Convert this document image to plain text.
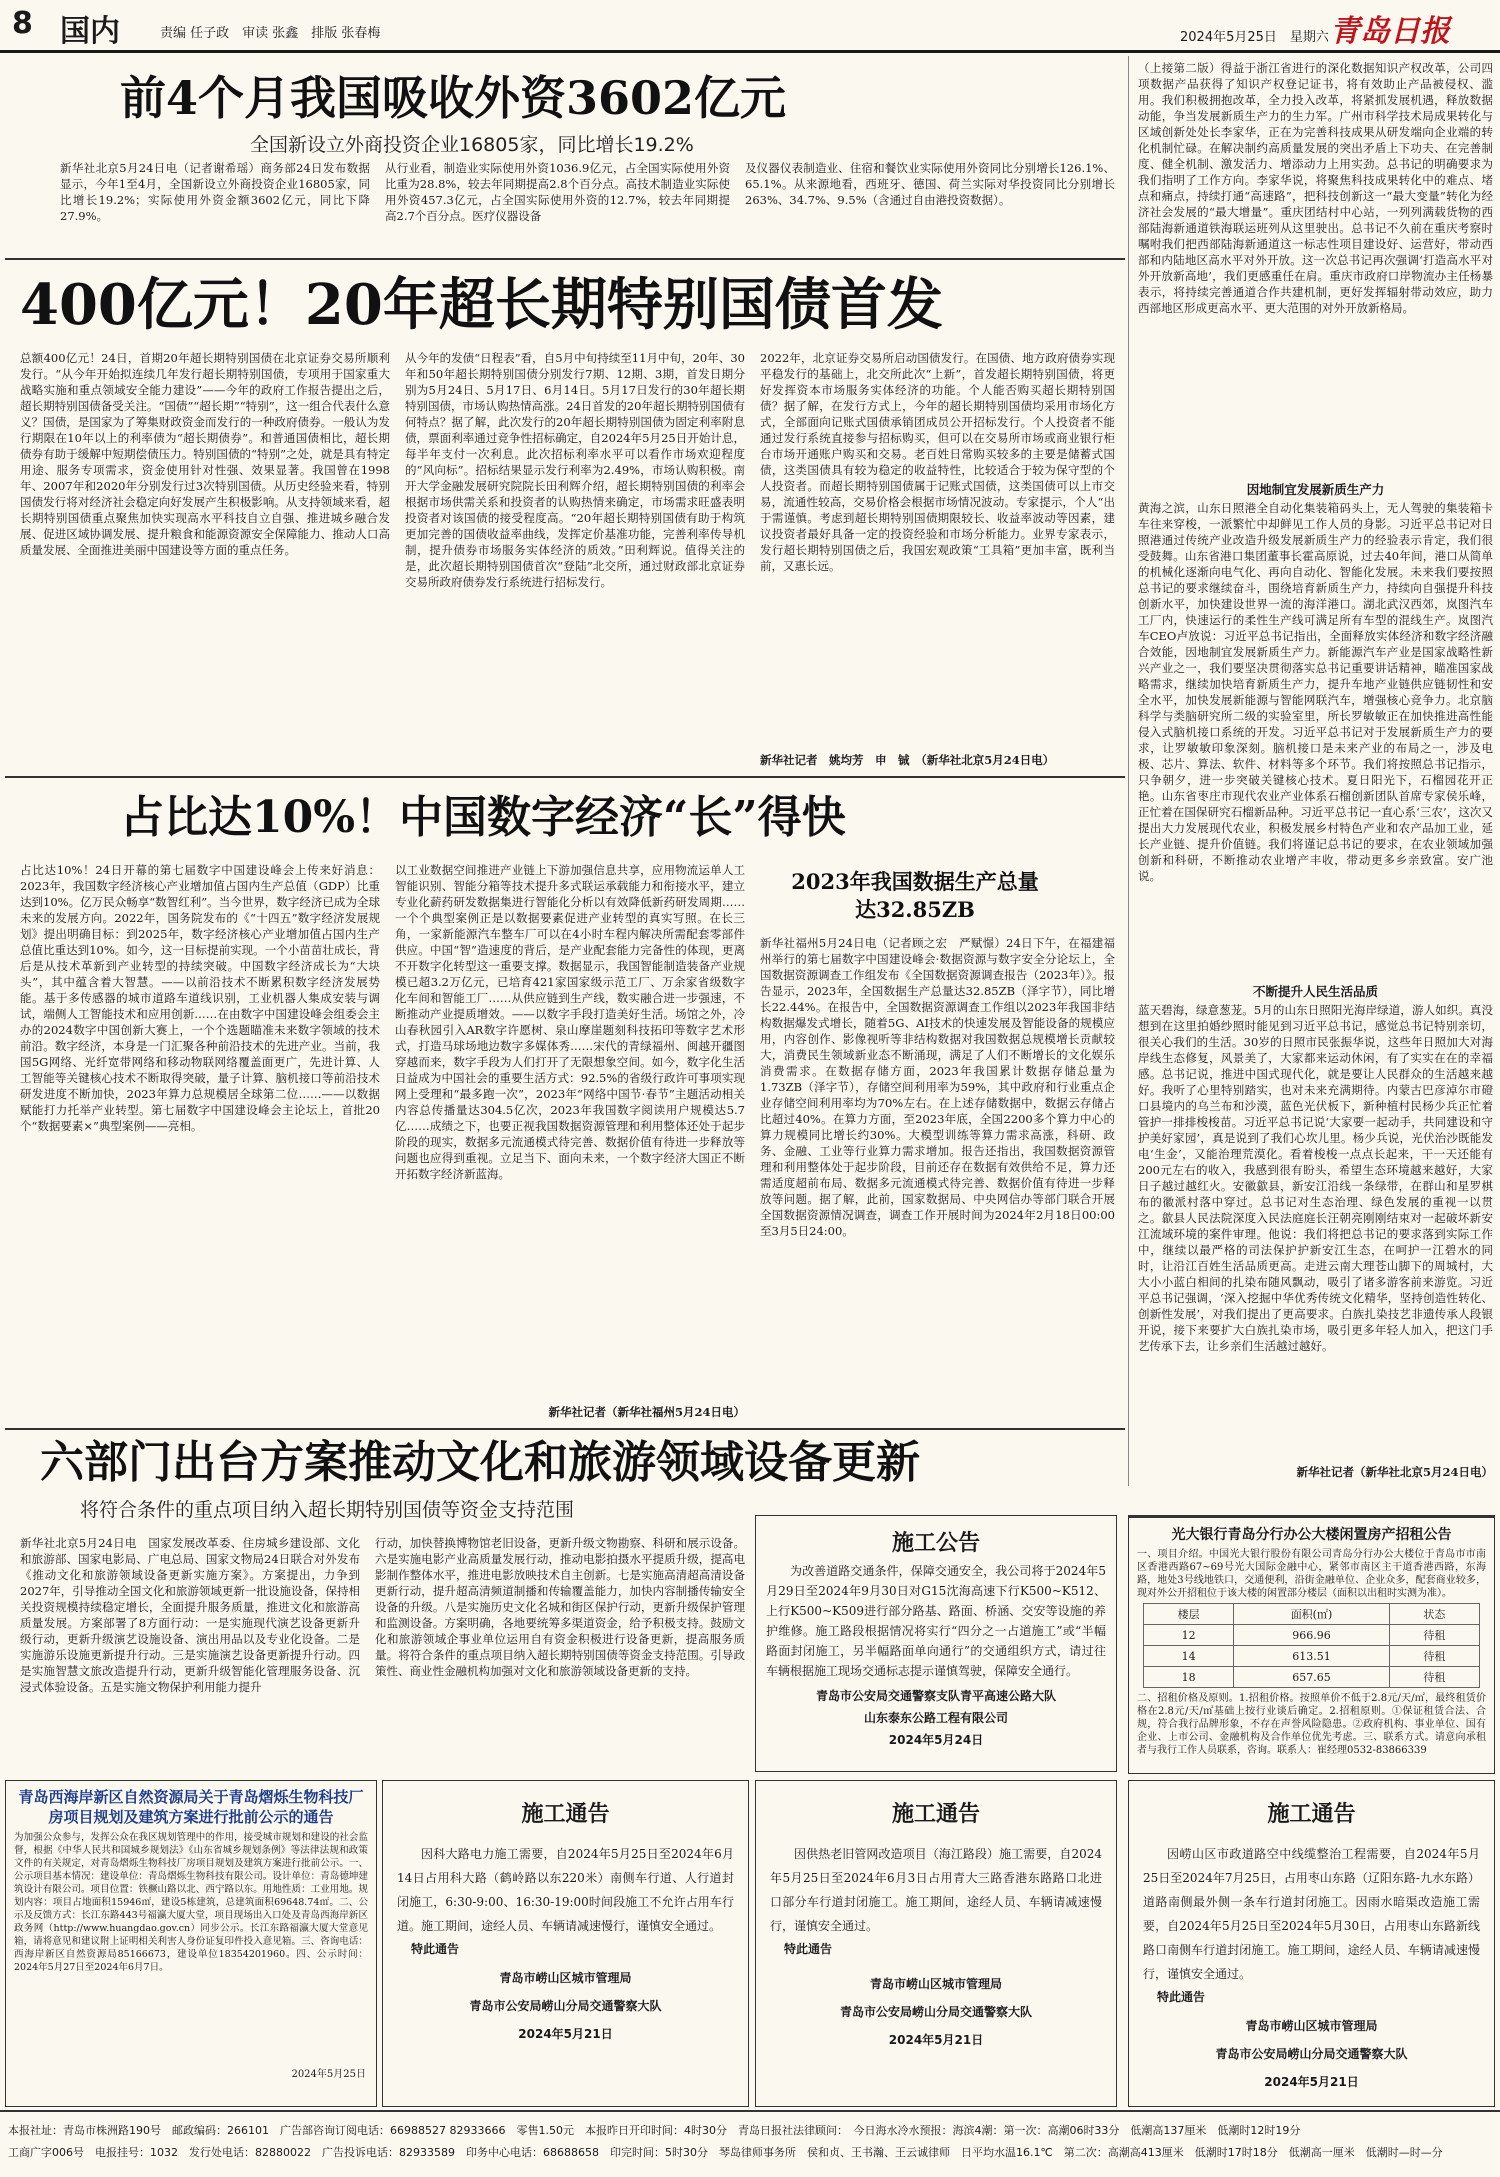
8 国内	责编 任子政　审读 张鑫　排版 张春梅	2024年5月25日　星期六 青岛日报
前4个月我国吸收外资3602亿元
全国新设立外商投资企业16805家，同比增长19.2%
新华社北京5月24日电（记者谢希瑶）商务部24日发布数据显示，今年1至4月，全国新设立外商投资企业16805家，同比增长19.2%；实际使用外资金额3602亿元，同比下降27.9%。
从行业看，制造业实际使用外资1036.9亿元，占全国实际使用外资比重为28.8%，较去年同期提高2.8个百分点。高技术制造业实际使用外资457.3亿元，占全国实际使用外资的12.7%，较去年同期提高2.7个百分点。医疗仪器设备
及仪器仪表制造业、住宿和餐饮业实际使用外资同比分别增长126.1%、65.1%。从来源地看，西班牙、德国、荷兰实际对华投资同比分别增长263%、34.7%、9.5%（含通过自由港投资数据）。
400亿元！20年超长期特别国债首发
总额400亿元！24日，首期20年超长期特别国债在北京证券交易所顺利发行。“从今年开始拟连续几年发行超长期特别国债，专项用于国家重大战略实施和重点领域安全能力建设”——今年的政府工作报告提出之后，超长期特别国债备受关注。“国债”“超长期”“特别”，这一组合代表什么意义？国债，是国家为了筹集财政资金而发行的一种政府债券。一般认为发行期限在10年以上的利率债为“超长期债券”。和普通国债相比，超长期债券有助于缓解中短期偿债压力。特别国债的“特别”之处，就是具有特定用途、服务专项需求，资金使用针对性强、效果显著。我国曾在1998年、2007年和2020年分别发行过3次特别国债。从历史经验来看，特别国债发行将对经济社会稳定向好发展产生积极影响。从支持领域来看，超长期特别国债重点聚焦加快实现高水平科技自立自强、推进城乡融合发展、促进区域协调发展、提升粮食和能源资源安全保障能力、推动人口高质量发展、全面推进美丽中国建设等方面的重点任务。
从今年的发债“日程表”看，自5月中旬持续至11月中旬，20年、30年和50年超长期特别国债分别发行7期、12期、3期，首发日期分别为5月24日、5月17日、6月14日。5月17日发行的30年超长期特别国债，市场认购热情高涨。24日首发的20年超长期特别国债有何特点？据了解，此次发行的20年超长期特别国债为固定利率附息债，票面利率通过竞争性招标确定，自2024年5月25日开始计息，每半年支付一次利息。此次招标利率水平可以看作市场欢迎程度的“风向标”。招标结果显示发行利率为2.49%，市场认购积极。南开大学金融发展研究院院长田利辉介绍，超长期特别国债的利率会根据市场供需关系和投资者的认购热情来确定，市场需求旺盛表明投资者对该国债的接受程度高。“20年超长期特别国债有助于构筑更加完善的国债收益率曲线，发挥定价基准功能，完善利率传导机制，提升债券市场服务实体经济的质效。”田利辉说。值得关注的是，此次超长期特别国债首次“登陆”北交所，通过财政部北京证券交易所政府债券发行系统进行招标发行。
2022年，北京证券交易所启动国债发行。在国债、地方政府债券实现平稳发行的基础上，北交所此次“上新”，首发超长期特别国债，将更好发挥资本市场服务实体经济的功能。个人能否购买超长期特别国债？据了解，在发行方式上，今年的超长期特别国债均采用市场化方式，全部面向记账式国债承销团成员公开招标发行。个人投资者不能通过发行系统直接参与招标购买，但可以在交易所市场或商业银行柜台市场开通账户购买和交易。老百姓日常购买较多的主要是储蓄式国债，这类国债具有较为稳定的收益特性，比较适合于较为保守型的个人投资者。而超长期特别国债属于记账式国债，这类国债可以上市交易，流通性较高，交易价格会根据市场情况波动。专家提示，个人“出于需谨慎。考虑到超长期特别国债期限较长、收益率波动等因素，建议投资者最好具备一定的投资经验和市场分析能力。业界专家表示，发行超长期特别国债之后，我国宏观政策“工具箱”更加丰富，既利当前，又惠长远。
新华社记者　姚均芳　申　铖　（新华社北京5月24日电）
占比达10%！中国数字经济“长”得快
占比达10%！24日开幕的第七届数字中国建设峰会上传来好消息：2023年，我国数字经济核心产业增加值占国内生产总值（GDP）比重达到10%。亿万民众畅享“数智红利”。当今世界，数字经济已成为全球未来的发展方向。2022年，国务院发布的《“十四五”数字经济发展规划》提出明确目标：到2025年，数字经济核心产业增加值占国内生产总值比重达到10%。如今，这一目标提前实现。一个小苗苗壮成长，背后是从技术革新到产业转型的持续突破。中国数字经济成长为“大块头”，其中蕴含着大智慧。——以前沿技术不断累积数字经济发展势能。基于多传感器的城市道路车道线识别，工业机器人集成安装与调试，端侧人工智能技术和应用创新……在由数字中国建设峰会组委会主办的2024数字中国创新大赛上，一个个选题瞄准未来数字领域的技术前沿。数字经济，本身是一门汇聚各种前沿技术的先进产业。当前，我国5G网络、光纤宽带网络和移动物联网络覆盖面更广，先进计算、人工智能等关键核心技术不断取得突破，量子计算、脑机接口等前沿技术研发进度不断加快，2023年算力总规模居全球第二位……——以数据赋能打力托举产业转型。第七届数字中国建设峰会主论坛上，首批20个“数据要素×”典型案例——亮相。
以工业数据空间推进产业链上下游加强信息共享，应用物流运单人工智能识别、智能分箱等技术提升多式联运承载能力和衔接水平，建立专业化薪药研发数据集进行智能化分析以有效降低新药研发周期……一个个典型案例正是以数据要素促进产业转型的真实写照。在长三角，一家新能源汽车整车厂可以在4小时车程内解决所需配套零部件供应。中国“智”造速度的背后，是产业配套能力完备性的体现，更离不开数字化转型这一重要支撑。数据显示，我国智能制造装备产业规模已超3.2万亿元，已培育421家国家级示范工厂、万余家省级数字化车间和智能工厂……从供应链到生产线，数实融合进一步强速，不断推动产业提质增效。——以数字手段打造美好生活。场馆之外，冷山春秋园引入AR数字许愿树、泉山摩崖题刻科技拓印等数字艺术形式，打造马球场地边数字多媒体秀……宋代的青绿福州、闽越开疆图穿越而来，数字手段为人们打开了无限想象空间。如今，数字化生活日益成为中国社会的重要生活方式：92.5%的省级行政许可事项实现网上受理和“最多跑一次”，2023年“网络中国节·春节”主题活动相关内容总传播量达304.5亿次，2023年我国数字阅读用户规模达5.7亿……成绩之下，也要正视我国数据资源管理和利用整体还处于起步阶段的现实，数据多元流通模式待完善、数据价值有待进一步释放等问题也应得到重视。立足当下、面向未来，一个数字经济大国正不断开拓数字经济新蓝海。
新华社记者（新华社福州5月24日电）
2023年我国数据生产总量达32.85ZB
新华社福州5月24日电（记者顾之宏　严赋憬）24日下午，在福建福州举行的第七届数字中国建设峰会·数据资源与数字安全分论坛上，全国数据资源调查工作组发布《全国数据资源调查报告（2023年）》。报告显示，2023年，全国数据生产总量达32.85ZB（泽字节），同比增长22.44%。在报告中，全国数据资源调查工作组以2023年我国非结构数据爆发式增长，随着5G、AI技术的快速发展及智能设备的规模应用，内容创作、影像视听等非结构数据对我国数据总规模增长贡献较大，消费民生领域新业态不断涌现，满足了人们不断增长的文化娱乐消费需求。在数据存储方面，2023年我国累计数据存储总量为1.73ZB（泽字节），存储空间利用率为59%，其中政府和行业重点企业存储空间利用率均为70%左右。在上述存储数据中，数据云存储占比超过40%。在算力方面，至2023年底，全国2200多个算力中心的算力规模同比增长约30%。大模型训练等算力需求高涨，科研、政务、金融、工业等行业算力需求增加。报告还指出，我国数据资源管理和利用整体处于起步阶段，目前还存在数据有效供给不足，算力还需适度超前布局、数据多元流通模式待完善、数据价值有待进一步释放等问题。据了解，此前，国家数据局、中央网信办等部门联合开展全国数据资源情况调查，调查工作开展时间为2024年2月18日00:00至3月5日24:00。
（上接第二版）得益于浙江省进行的深化数据知识产权改革，公司四项数据产品获得了知识产权登记证书，将有效助止产品被侵权、滥用。我们积极拥抱改革，全力投入改革，将紧抓发展机遇，释放数据动能，争当发展新质生产力的生力军。广州市科学技术局成果转化与区域创新处处长李家华，正在为完善科技成果从研发端向企业端的转化机制忙碌。在解决制约高质量发展的突出矛盾上下功夫、在完善制度、健全机制、激发活力、增添动力上用实劲。总书记的明确要求为我们指明了工作方向。李家华说，将聚焦科技成果转化中的难点、堵点和痛点，持续打通“高速路”，把科技创新这一“最大变量”转化为经济社会发展的“最大增量”。重庆团结村中心站，一列列满载货物的西部陆海新通道铁海联运班列从这里驶出。总书记不久前在重庆考察时嘱咐我们把西部陆海新通道这一标志性项目建设好、运营好，带动西部和内陆地区高水平对外开放。这一次总书记再次强调‘打造高水平对外开放新高地’，我们更感重任在肩。重庆市政府口岸物流办主任杨暴表示，将持续完善通道合作共建机制，更好发挥辐射带动效应，助力西部地区形成更高水平、更大范围的对外开放新格局。
因地制宜发展新质生产力
黄海之滨，山东日照港全自动化集装箱码头上，无人驾驶的集装箱卡车往来穿梭，一派繁忙中却鲜见工作人员的身影。习近平总书记对日照港通过传统产业改造升级发展新质生产力的经验表示肯定，我们很受鼓舞。山东省港口集团董事长霍高原说，过去40年间，港口从简单的机械化逐渐向电气化、再向自动化、智能化发展。未来我们要按照总书记的要求继续奋斗，围绕培育新质生产力，持续向自强提升科技创新水平，加快建设世界一流的海洋港口。湖北武汉西郊，岚图汽车工厂内，快速运行的柔性生产线可满足所有车型的混线生产。岚图汽车CEO卢放说：习近平总书记指出，全面释放实体经济和数字经济融合效能，因地制宜发展新质生产力。新能源汽车产业是国家战略性新兴产业之一，我们要坚决贯彻落实总书记重要讲话精神，瞄准国家战略需求，继续加快培育新质生产力，提升车地产业链供应链韧性和安全水平，加快发展新能源与智能网联汽车，增强核心竞争力。北京脑科学与类脑研究所二级的实验室里，所长罗敏敏正在加快推进高性能侵入式脑机接口系统的开发。习近平总书记对于发展新质生产力的要求，让罗敏敏印象深刻。脑机接口是未来产业的布局之一，涉及电极、芯片、算法、软件、材料等多个环节。我们将按照总书记指示，只争朝夕，进一步突破关键核心技术。夏日阳光下，石榴园花开正艳。山东省枣庄市现代农业产业体系石榴创新团队首席专家侯乐峰，正忙着在国保研究石榴新品种。习近平总书记一直心系‘三农’，这次又提出大力发展现代农业，积极发展乡村特色产业和农产品加工业，延长产业链、提升价值链。我们将谨记总书记的要求，在农业领域加强创新和科研，不断推动农业增产丰收，带动更多乡亲致富。安广池说。
不断提升人民生活品质
蓝天碧海，绿意葱茏。5月的山东日照阳光海岸绿道，游人如织。真没想到在这里拍婚纱照时能见到习近平总书记，感觉总书记特别亲切，很关心我们的生活。30岁的日照市民张振华说，这些年日照加大对海岸线生态修复，风景美了，大家都来运动休闲，有了实实在在的幸福感。总书记说，推进中国式现代化，就是要让人民群众的生活越来越好。我听了心里特别踏实，也对未来充满期待。内蒙古巴彦淖尔市磴口县境内的乌兰布和沙漠，蓝色光伏板下，新种植村民杨少兵正忙着管护一排排梭梭苗。习近平总书记说‘大家要一起动手，共同建设和守护美好家园’，真是说到了我们心坎儿里。杨少兵说，光伏治沙既能发电‘生金’，又能治理荒漠化。看着梭梭一点点长起来，干一天还能有200元左右的收入，我感到很有盼头，希望生态环境越来越好，大家日子越过越红火。安徽歙县，新安江沿线一条绿带，在群山和星罗棋布的徽派村落中穿过。总书记对生态治理、绿色发展的重视一以贯之。歙县人民法院深度入民法庭庭长汪朝亮刚刚结束对一起破坏新安江流域环境的案件审理。他说：我们将把总书记的要求落到实际工作中，继续以最严格的司法保护护新安江生态，在呵护一江碧水的同时，让沿江百姓生活品质更高。走进云南大理苍山脚下的周城村，大大小小蓝白相间的扎染布随风飘动，吸引了诸多游客前来游览。习近平总书记强调，‘深入挖掘中华优秀传统文化精华，坚持创造性转化、创新性发展’，对我们提出了更高要求。白族扎染技艺非遗传承人段银开说，接下来要扩大白族扎染市场，吸引更多年轻人加入，把这门手艺传承下去，让乡亲们生活越过越好。
新华社记者（新华社北京5月24日电）
六部门出台方案推动文化和旅游领域设备更新
将符合条件的重点项目纳入超长期特别国债等资金支持范围
新华社北京5月24日电　国家发展改革委、住房城乡建设部、文化和旅游部、国家电影局、广电总局、国家文物局24日联合对外发布《推动文化和旅游领域设备更新实施方案》。方案提出，力争到2027年，引导推动全国文化和旅游领域更新一批设施设备，保持相关投资规模持续稳定增长，全面提升服务质量，推进文化和旅游高质量发展。方案部署了8方面行动：一是实施现代演艺设备更新升级行动，更新升级演艺设施设备、演出用品以及专业化设备。二是实施游乐设施更新提升行动。三是实施演艺设备更新提升行动。四是实施智慧文旅改造提升行动，更新升级智能化管理服务设备、沉浸式体验设备。五是实施文物保护利用能力提升
行动，加快替换博物馆老旧设备，更新升级文物勘察、科研和展示设备。六是实施电影产业高质量发展行动，推动电影拍摄水平提质升级，提高电影制作整体水平，推进电影放映技术自主创新。七是实施高清超高清设备更新行动，提升超高清频道制播和传输覆盖能力，加快内容制播传输安全设备的升级。八是实施历史文化名城和街区保护行动，更新升级保护管理和监测设备。方案明确，各地要统筹多渠道资金，给予积极支持。鼓励文化和旅游领域企事业单位运用自有资金积极进行设备更新，提高服务质量。将符合条件的重点项目纳入超长期特别国债等资金支持范围。引导政策性、商业性金融机构加强对文化和旅游领域设备更新的支持。
施工公告
为改善道路交通条件，保障交通安全，我公司将于2024年5月29日至2024年9月30日对G15沈海高速下行K500~K512、上行K500~K509进行部分路基、路面、桥涵、交安等设施的养护维修。施工路段根据情况将实行“四分之一占道施工”或“半幅路面封闭施工，另半幅路面单向通行”的交通组织方式，请过往车辆根据施工现场交通标志提示谨慎驾驶，保障安全通行。
青岛市公安局交通警察支队青平高速公路大队
山东泰东公路工程有限公司
2024年5月24日
光大银行青岛分行办公大楼闲置房产招租公告
一、项目介绍。中国光大银行股份有限公司青岛分行办公大楼位于青岛市市南区香港西路67~69号光大国际金融中心，紧邻市南区主干道香港西路，东海路，地处3号线地铁口，交通便利，沿街金融单位、企业众多，配套商业较多，现对外公开招租位于该大楼的闲置部分楼层（面积以出租时实测为准）。
楼层	面积(㎡)	状态
12	966.96	待租
14	613.51	待租
18	657.65	待租
二、招租价格及原则。1.招租价格。按照单价不低于2.8元/天/㎡，最终租赁价格在2.8元/天/㎡基础上按行业谈后确定。2.招租原则。①保证租赁合法、合规，符合我行品牌形象，不存在声誉风险隐患。②政府机构、事业单位、国有企业、上市公司、金融机构及合作单位优先考虑。三、联系方式。请意向承租者与我行工作人员联系，咨询。联系人：崔经理0532-83866339
青岛西海岸新区自然资源局关于青岛熠烁生物科技厂房项目规划及建筑方案进行批前公示的通告
为加强公众参与，发挥公众在我区规划管理中的作用，接受城市规划和建设的社会监督，根据《中华人民共和国城乡规划法》《山东省城乡规划条例》等法律法规和政策文件的有关规定，对青岛熠烁生物科技厂房项目规划及建筑方案进行批前公示。一、公示项目基本情况：建设单位：青岛熠烁生物科技有限公司。设计单位：青岛德坤建筑设计有限公司。项目位置：铁橛山路以北、西宁路以东。用地性质：工业用地。规划内容：项目占地面积15946㎡，建设5栋建筑，总建筑面积69648.74㎡。二、公示及反馈方式：长江东路443号福瀛大厦大堂，项目现场出入口处及青岛西海岸新区政务网（http://www.huangdao.gov.cn）同步公示。长江东路福瀛大厦大堂意见箱，请将意见和建议附上证明相关利害人身份证复印件投入意见箱。三、咨询电话：西海岸新区自然资源局85166673，建设单位18354201960。四、公示时间：2024年5月27日至2024年6月7日。
2024年5月25日
施工通告
因科大路电力施工需要，自2024年5月25日至2024年6月14日占用科大路（鹤岭路以东220米）南侧车行道、人行道封闭施工，6:30-9:00、16:30-19:00时间段施工不允许占用车行道。施工期间，途经人员、车辆请减速慢行，谨慎安全通过。
特此通告
青岛市崂山区城市管理局
青岛市公安局崂山分局交通警察大队
2024年5月21日
施工通告
因供热老旧管网改造项目（海江路段）施工需要，自2024年5月25日至2024年6月3日占用青大三路香港东路路口北进口部分车行道封闭施工。施工期间，途经人员、车辆请减速慢行，谨慎安全通过。
特此通告
青岛市崂山区城市管理局
青岛市公安局崂山分局交通警察大队
2024年5月21日
施工通告
因崂山区市政道路空中线缆整治工程需要，自2024年5月25日至2024年7月25日，占用枣山东路（辽阳东路-九水东路）道路南侧最外侧一条车行道封闭施工。因雨水暗渠改造施工需要，自2024年5月25日至2024年5月30日，占用枣山东路新线路口南侧车行道封闭施工。施工期间，途经人员、车辆请减速慢行，谨慎安全通过。
特此通告
青岛市崂山区城市管理局
青岛市公安局崂山分局交通警察大队
2024年5月21日
本报社址：青岛市株洲路190号　邮政编码：266101　广告部咨询订阅电话：66988527 82933666　零售1.50元　本报昨日开印时间：4时30分　青岛日报社法律顾问：　今日海水冷水预报：海滨4潮：第一次：高潮06时33分　低潮高137厘米　低潮时12时19分
工商广字006号　电报挂号：1032　发行处电话：82880022　广告投诉电话：82933589　印务中心电话：68688658　印完时间：5时30分　琴岛律师事务所　侯和贞、王书瀚、王云诚律师　日平均水温16.1℃　第二次：高潮高413厘米　低潮时17时18分　低潮高一厘米　低潮时—时—分
